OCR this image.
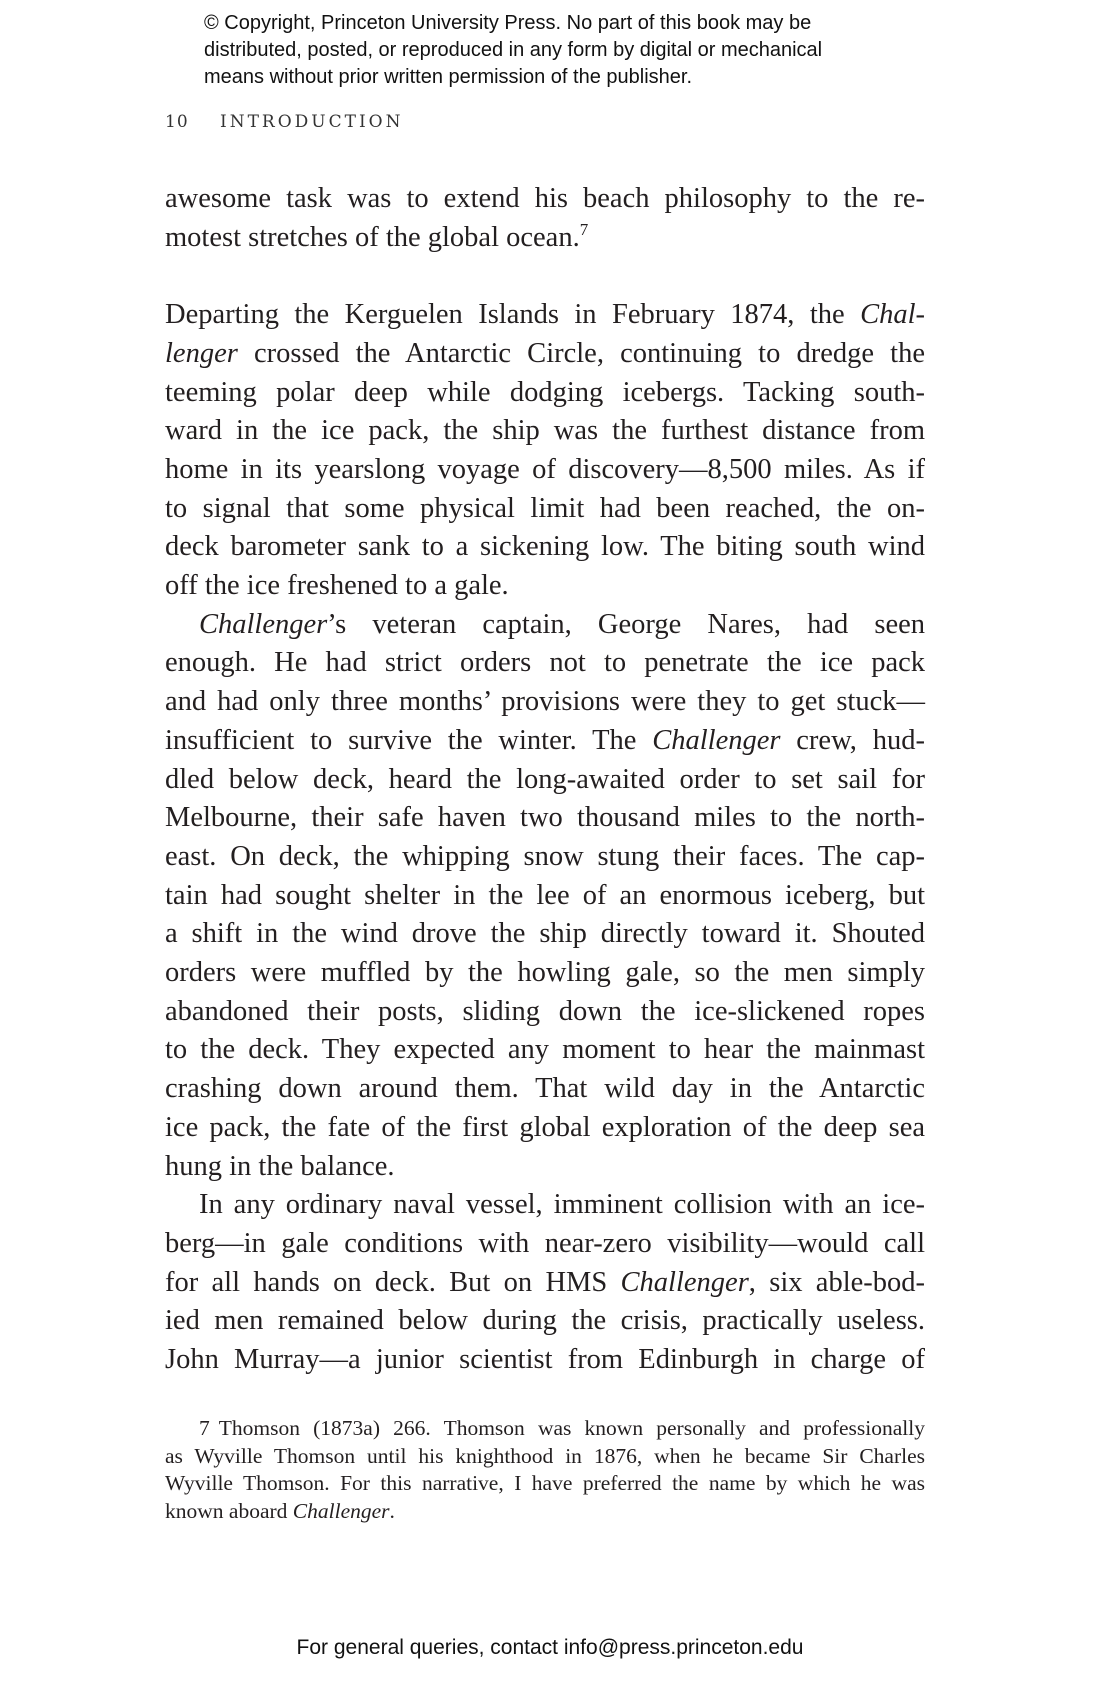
© Copyright, Princeton University Press. No part of this book may be
distributed, posted, or reproduced in any form by digital or mechanical
means without prior written permission of the publisher.
10 INTRODUCTION
awesome task was to extend his beach philosophy to the re-
motest stretches of the global ocean.$^7$
Departing the Kerguelen Islands in February 1874, the Chal-
lenger crossed the Antarctic Circle, continuing to dredge the
teeming polar deep while dodging icebergs. Tacking south-
ward in the ice pack, the ship was the furthest distance from
home in its yearslong voyage of discovery—8,500 miles. As if
to signal that some physical limit had been reached, the on-
deck barometer sank to a sickening low. The biting south wind
off the ice freshened to a gale.
Challenger’s veteran captain, George Nares, had seen
enough. He had strict orders not to penetrate the ice pack
and had only three months’ provisions were they to get stuck—
insufficient to survive the winter. The Challenger crew, hud-
dled below deck, heard the long-awaited order to set sail for
Melbourne, their safe haven two thousand miles to the north-
east. On deck, the whipping snow stung their faces. The cap-
tain had sought shelter in the lee of an enormous iceberg, but
a shift in the wind drove the ship directly toward it. Shouted
orders were muffled by the howling gale, so the men simply
abandoned their posts, sliding down the ice-slickened ropes
to the deck. They expected any moment to hear the mainmast
crashing down around them. That wild day in the Antarctic
ice pack, the fate of the first global exploration of the deep sea
hung in the balance.
In any ordinary naval vessel, imminent collision with an ice-
berg—in gale conditions with near-zero visibility—would call
for all hands on deck. But on HMS Challenger, six able-bod-
ied men remained below during the crisis, practically useless.
John Murray—a junior scientist from Edinburgh in charge of
7 Thomson (1873a) 266. Thomson was known personally and professionally
as Wyville Thomson until his knighthood in 1876, when he became Sir Charles
Wyville Thomson. For this narrative, I have preferred the name by which he was
known aboard Challenger.
For general queries, contact info@press.princeton.edu
